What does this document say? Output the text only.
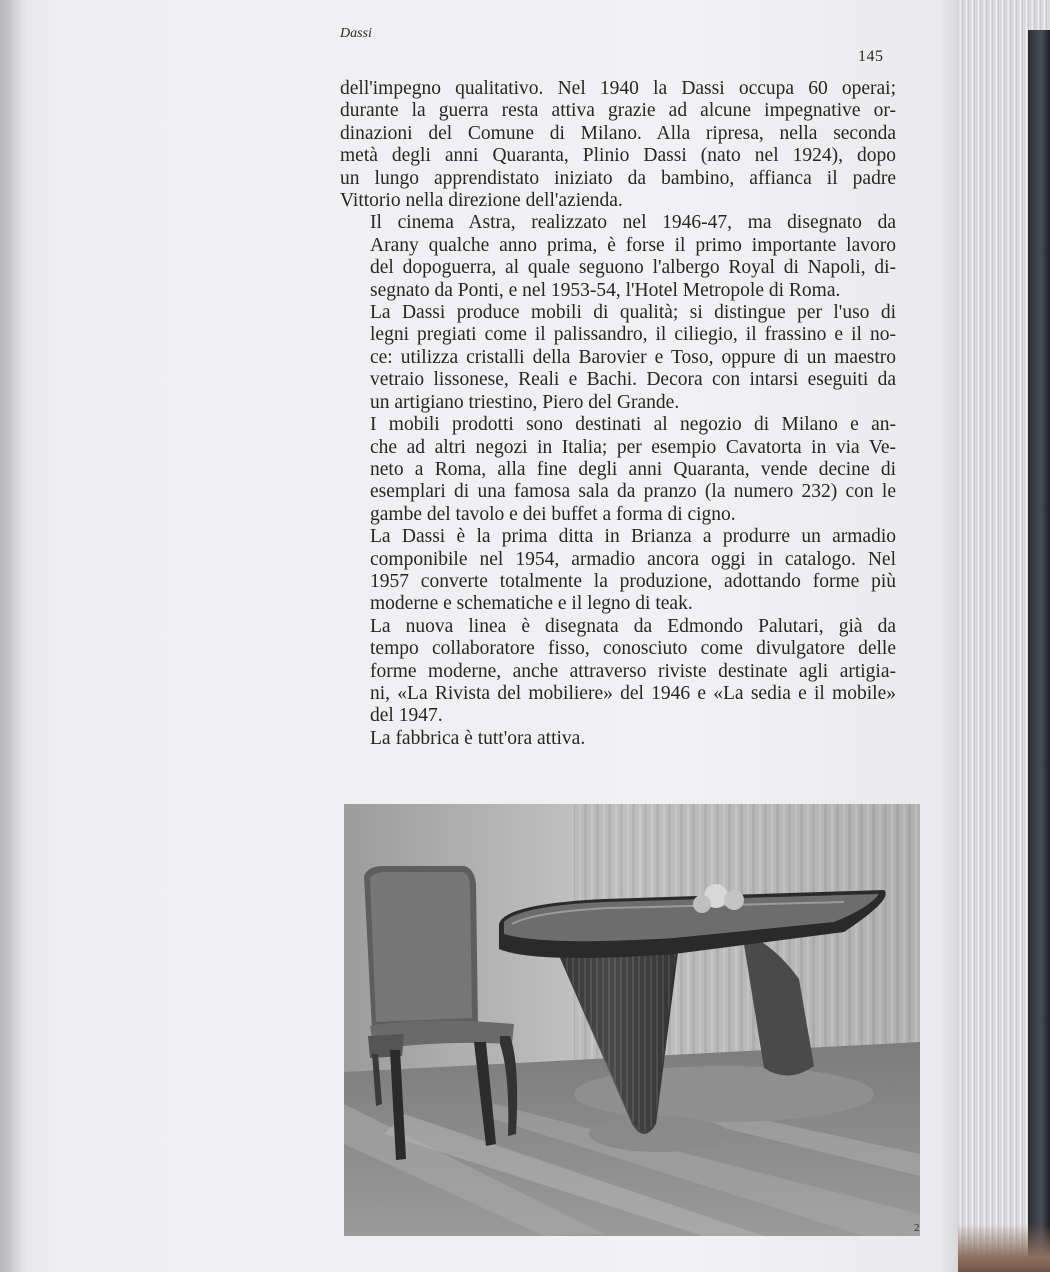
Dassi
145

dell'impegno qualitativo. Nel 1940 la Dassi occupa 60 operai;
durante la guerra resta attiva grazie ad alcune impegnative or-
dinazioni del Comune di Milano. Alla ripresa, nella seconda
metà degli anni Quaranta, Plinio Dassi (nato nel 1924), dopo
un lungo apprendistato iniziato da bambino, affianca il padre
Vittorio nella direzione dell'azienda.

Il cinema Astra, realizzato nel 1946-47, ma disegnato da
Arany qualche anno prima, è forse il primo importante lavoro
del dopoguerra, al quale seguono l'albergo Royal di Napoli, di-
segnato da Ponti, e nel 1953-54, l'Hotel Metropole di Roma.

La Dassi produce mobili di qualità; si distingue per l'uso di
legni pregiati come il palissandro, il ciliegio, il frassino e il no-
ce: utilizza cristalli della Barovier e Toso, oppure di un maestro
vetraio lissonese, Reali e Bachi. Decora con intarsi eseguiti da
un artigiano triestino, Piero del Grande.

I mobili prodotti sono destinati al negozio di Milano e an-
che ad altri negozi in Italia; per esempio Cavatorta in via Ve-
neto a Roma, alla fine degli anni Quaranta, vende decine di
esemplari di una famosa sala da pranzo (la numero 232) con le
gambe del tavolo e dei buffet a forma di cigno.

La Dassi è la prima ditta in Brianza a produrre un armadio
componibile nel 1954, armadio ancora oggi in catalogo. Nel
1957 converte totalmente la produzione, adottando forme più
moderne e schematiche e il legno di teak.

La nuova linea è disegnata da Edmondo Palutari, già da
tempo collaboratore fisso, conosciuto come divulgatore delle
forme moderne, anche attraverso riviste destinate agli artigia-
ni, «La Rivista del mobiliere» del 1946 e «La sedia e il mobile»
del 1947.

La fabbrica è tutt'ora attiva.

2
